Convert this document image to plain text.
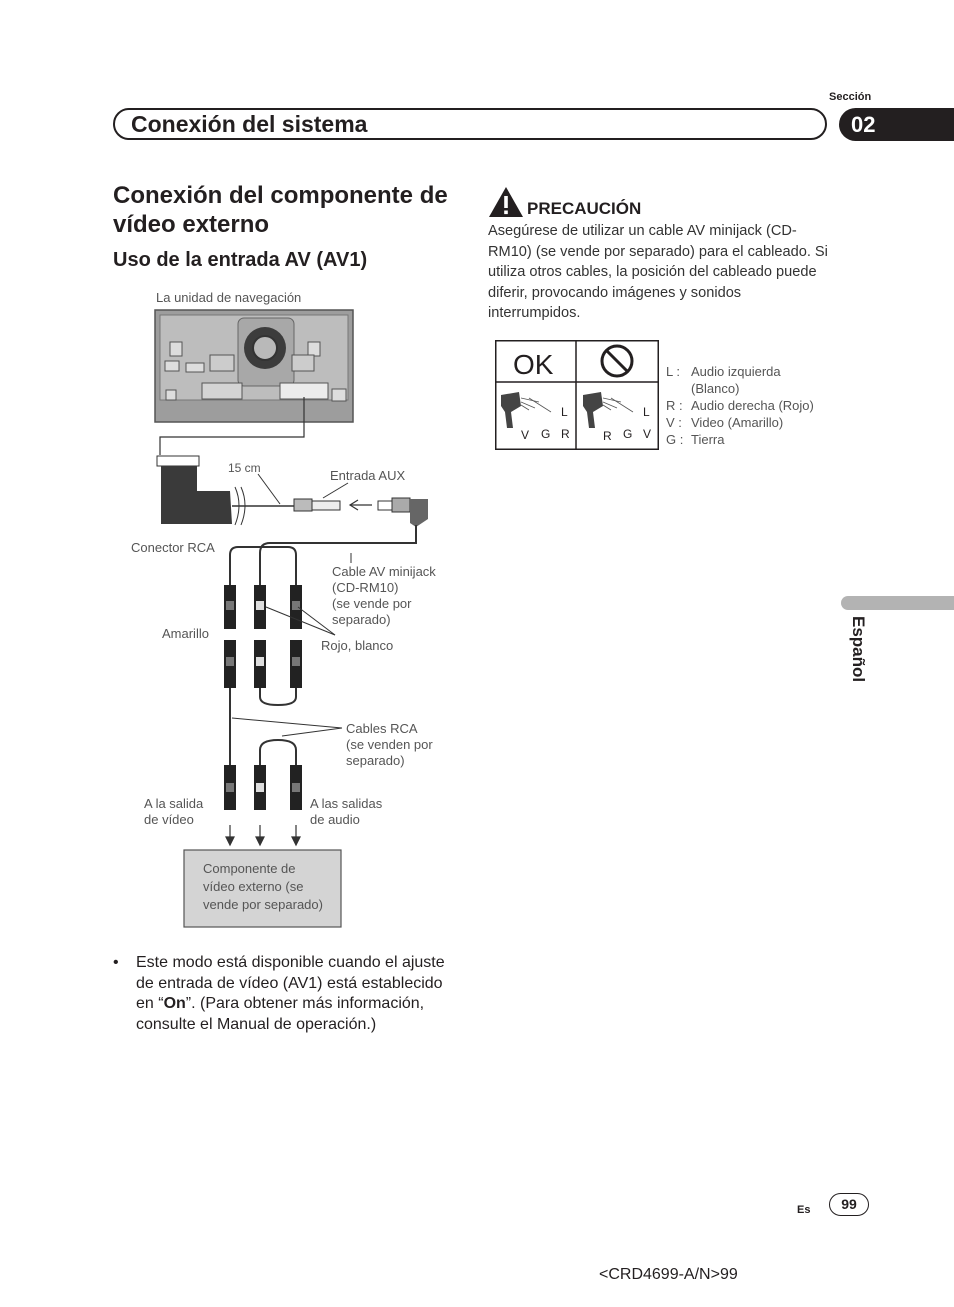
Sección
Conexión del sistema	02
Conexión del componente de vídeo externo
Uso de la entrada AV (AV1)
La unidad de navegación
Conector RCA
15 cm	Entrada AUX
Cable AV minijack
(CD-RM10)
(se vende por
separado)
Amarillo
Rojo, blanco
Cables RCA
(se venden por
separado)
A la salida
de vídeo
A las salidas
de audio
Componente de
vídeo externo (se
vende por separado)
• Este modo está disponible cuando el ajuste de entrada de vídeo (AV1) está establecido en “On”. (Para obtener más información, consulte el Manual de operación.)
PRECAUCIÓN
Asegúrese de utilizar un cable AV minijack (CD-RM10) (se vende por separado) para el cableado. Si utiliza otros cables, la posición del cableado puede diferir, provocando imágenes y sonidos interrumpidos.
OK
L
V G R
L
R G V
L : Audio izquierda
(Blanco)
R : Audio derecha (Rojo)
V : Video (Amarillo)
G : Tierra
Español
Es	99
<CRD4699-A/N>99
